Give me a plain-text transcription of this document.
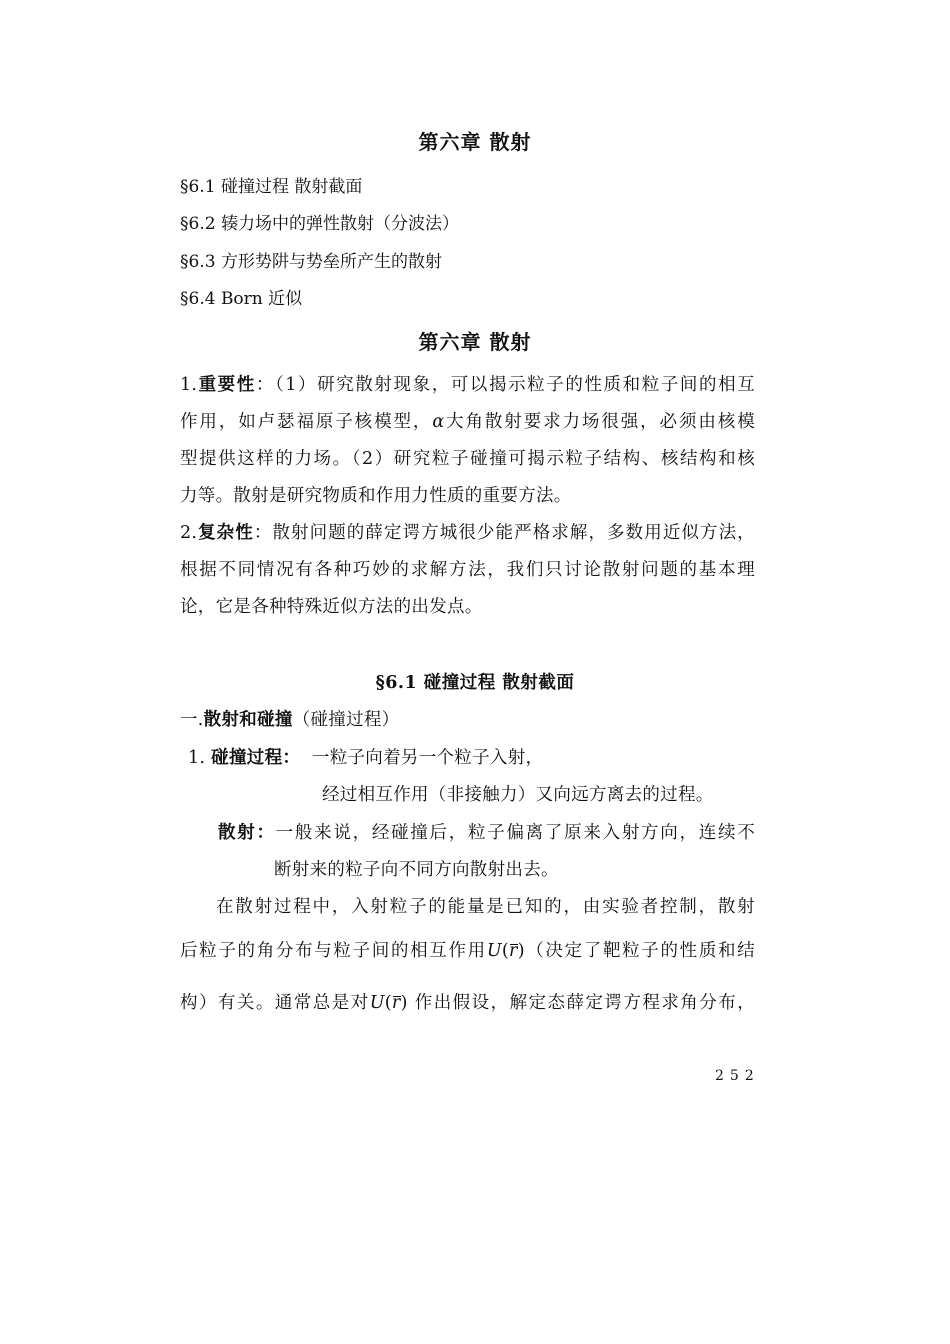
第六章 散射
§6.1 碰撞过程 散射截面
§6.2 辏力场中的弹性散射（分波法）
§6.3 方形势阱与势垒所产生的散射
§6.4 Born 近似
第六章 散射
1.重要性：（1）研究散射现象，可以揭示粒子的性质和粒子间的相互
作用，如卢瑟福原子核模型，α大角散射要求力场很强，必须由核模
型提供这样的力场。（2）研究粒子碰撞可揭示粒子结构、核结构和核
力等。散射是研究物质和作用力性质的重要方法。
2.复杂性：散射问题的薛定谔方城很少能严格求解，多数用近似方法，
根据不同情况有各种巧妙的求解方法，我们只讨论散射问题的基本理
论，它是各种特殊近似方法的出发点。
§6.1 碰撞过程 散射截面
一.散射和碰撞（碰撞过程）
1. 碰撞过程： 一粒子向着另一个粒子入射，
经过相互作用（非接触力）又向远方离去的过程。
散射：一般来说，经碰撞后，粒子偏离了原来入射方向，连续不
断射来的粒子向不同方向散射出去。
在散射过程中，入射粒子的能量是已知的，由实验者控制，散射
后粒子的角分布与粒子间的相互作用U(r)（决定了靶粒子的性质和结
构）有关。通常总是对U(r) 作出假设，解定态薛定谔方程求角分布，
252
